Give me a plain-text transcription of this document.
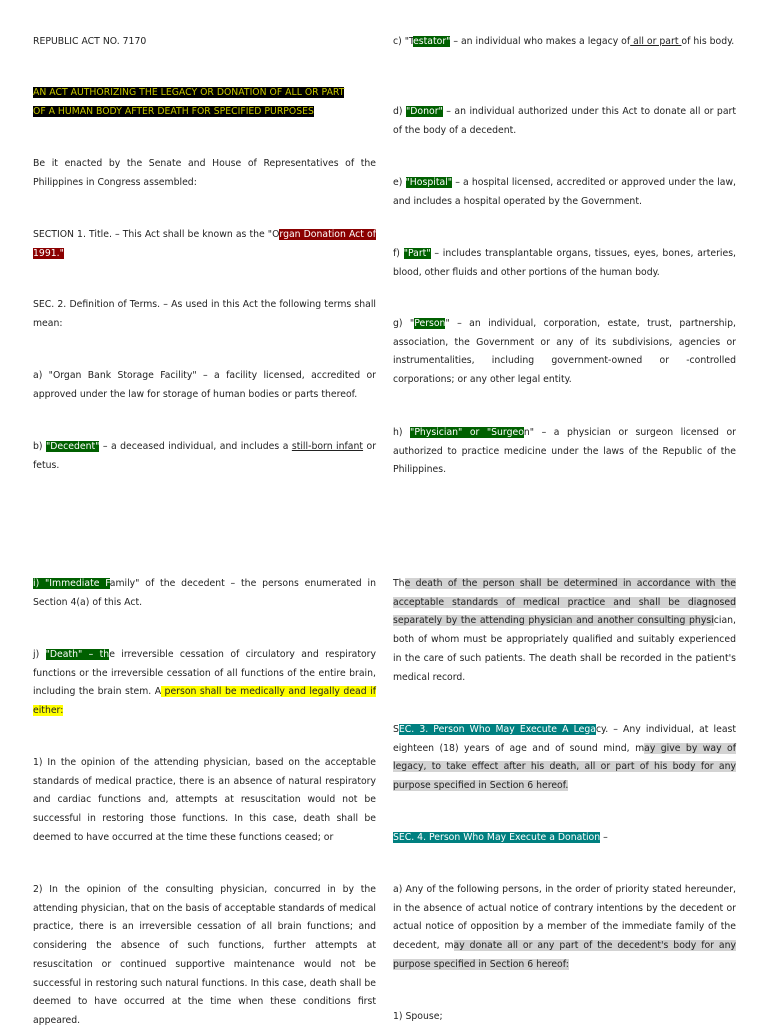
REPUBLIC ACT NO. 7170
AN ACT AUTHORIZING THE LEGACY OR DONATION OF ALL OR PART
OF A HUMAN BODY AFTER DEATH FOR SPECIFIED PURPOSES
Be it enacted by the Senate and House of Representatives of the Philippines in Congress assembled:
SECTION 1. Title. – This Act shall be known as the "Organ Donation Act of 1991."
SEC. 2. Definition of Terms. – As used in this Act the following terms shall mean:
a) "Organ Bank Storage Facility" – a facility licensed, accredited or approved under the law for storage of human bodies or parts thereof.
b) "Decedent" – a deceased individual, and includes a still-born infant or fetus.
i) "Immediate Family" of the decedent – the persons enumerated in Section 4(a) of this Act.
j) "Death" – the irreversible cessation of circulatory and respiratory functions or the irreversible cessation of all functions of the entire brain, including the brain stem. A person shall be medically and legally dead if either:
1) In the opinion of the attending physician, based on the acceptable standards of medical practice, there is an absence of natural respiratory and cardiac functions and, attempts at resuscitation would not be successful in restoring those functions. In this case, death shall be deemed to have occurred at the time these functions ceased; or
2) In the opinion of the consulting physician, concurred in by the attending physician, that on the basis of acceptable standards of medical practice, there is an irreversible cessation of all brain functions; and considering the absence of such functions, further attempts at resuscitation or continued supportive maintenance would not be successful in restoring such natural functions. In this case, death shall be deemed to have occurred at the time when these conditions first appeared.
c) "Testator" – an individual who makes a legacy of all or part of his body.
d) "Donor" – an individual authorized under this Act to donate all or part of the body of a decedent.
e) "Hospital" – a hospital licensed, accredited or approved under the law, and includes a hospital operated by the Government.
f) "Part" – includes transplantable organs, tissues, eyes, bones, arteries, blood, other fluids and other portions of the human body.
g) "Person" – an individual, corporation, estate, trust, partnership, association, the Government or any of its subdivisions, agencies or instrumentalities, including government-owned or -controlled corporations; or any other legal entity.
h) "Physician" or "Surgeon" – a physician or surgeon licensed or authorized to practice medicine under the laws of the Republic of the Philippines.
The death of the person shall be determined in accordance with the acceptable standards of medical practice and shall be diagnosed separately by the attending physician and another consulting physician, both of whom must be appropriately qualified and suitably experienced in the care of such patients. The death shall be recorded in the patient's medical record.
SEC. 3. Person Who May Execute A Legacy. – Any individual, at least eighteen (18) years of age and of sound mind, may give by way of legacy, to take effect after his death, all or part of his body for any purpose specified in Section 6 hereof.
SEC. 4. Person Who May Execute a Donation –
a) Any of the following persons, in the order of priority stated hereunder, in the absence of actual notice of contrary intentions by the decedent or actual notice of opposition by a member of the immediate family of the decedent, may donate all or any part of the decedent's body for any purpose specified in Section 6 hereof:
1) Spouse;
